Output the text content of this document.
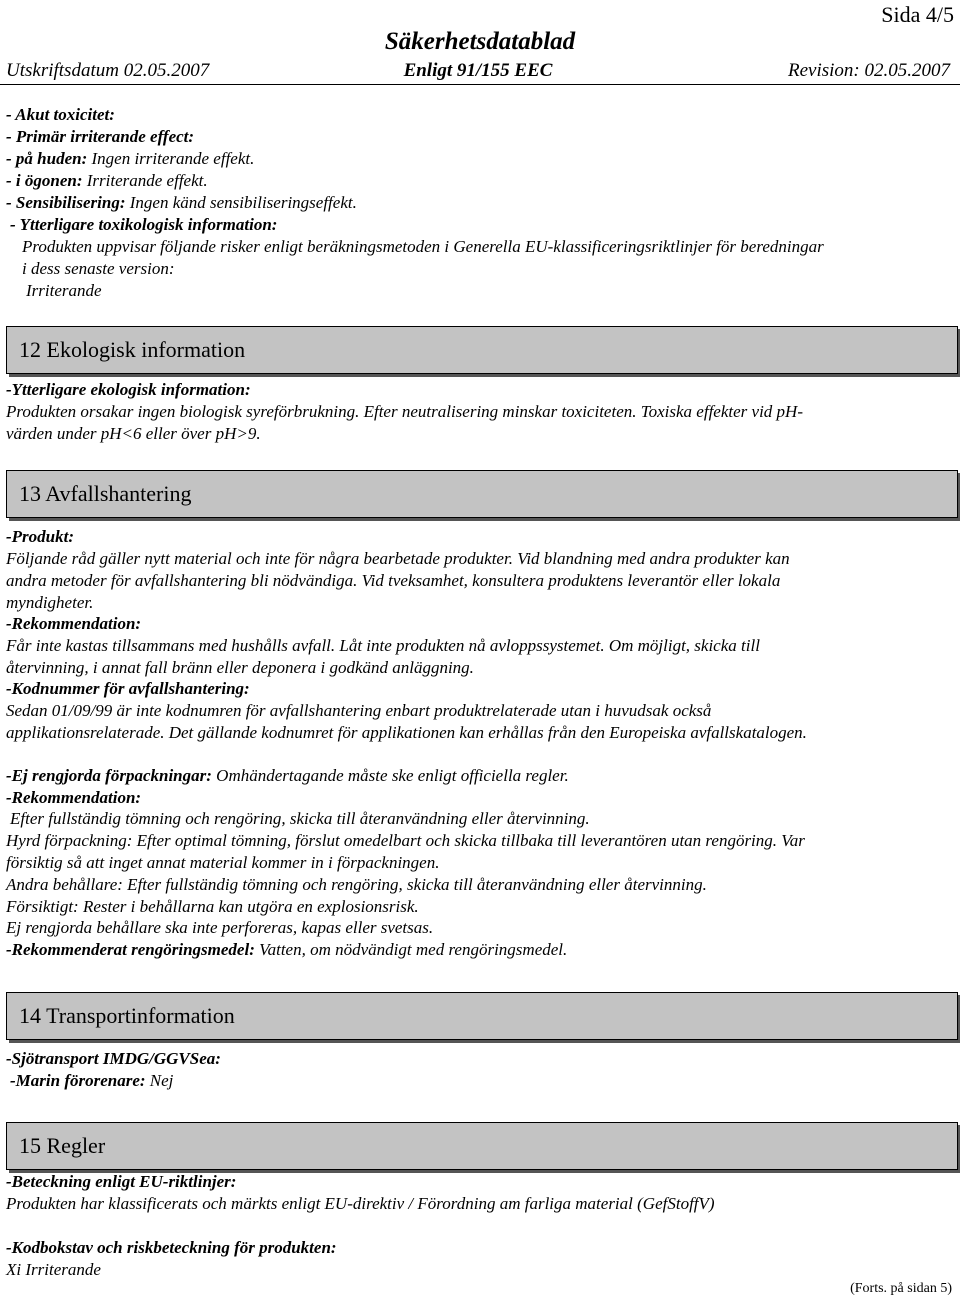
Sida 4/5
Säkerhetsdatablad
Utskriftsdatum 02.05.2007	Enligt 91/155 EEC	Revision: 02.05.2007
- Akut toxicitet:
- Primär irriterande effect:
- på huden: Ingen irriterande effekt.
- i ögonen: Irriterande effekt.
- Sensibilisering: Ingen känd sensibiliseringseffekt.
- Ytterligare toxikologisk information:
Produkten uppvisar följande risker enligt beräkningsmetoden i Generella EU-klassificeringsriktlinjer för beredningar
i dess senaste version:
Irriterande
12 Ekologisk information
-Ytterligare ekologisk information:
Produkten orsakar ingen biologisk syreförbrukning. Efter neutralisering minskar toxiciteten. Toxiska effekter vid pH-
värden under pH<6 eller över pH>9.
13 Avfallshantering
-Produkt:
Följande råd gäller nytt material och inte för några bearbetade produkter. Vid blandning med andra produkter kan
andra metoder för avfallshantering bli nödvändiga. Vid tveksamhet, konsultera produktens leverantör eller lokala
myndigheter.
-Rekommendation:
Får inte kastas tillsammans med hushålls avfall. Låt inte produkten nå avloppssystemet. Om möjligt, skicka till
återvinning, i annat fall bränn eller deponera i godkänd anläggning.
-Kodnummer för avfallshantering:
Sedan 01/09/99 är inte kodnumren för avfallshantering enbart produktrelaterade utan i huvudsak också
applikationsrelaterade. Det gällande kodnumret för applikationen kan erhållas från den Europeiska avfallskatalogen.
-Ej rengjorda förpackningar: Omhändertagande måste ske enligt officiella regler.
-Rekommendation:
Efter fullständig tömning och rengöring, skicka till återanvändning eller återvinning.
Hyrd förpackning: Efter optimal tömning, förslut omedelbart och skicka tillbaka till leverantören utan rengöring. Var
försiktig så att inget annat material kommer in i förpackningen.
Andra behållare: Efter fullständig tömning och rengöring, skicka till återanvändning eller återvinning.
Försiktigt: Rester i behållarna kan utgöra en explosionsrisk.
Ej rengjorda behållare ska inte perforeras, kapas eller svetsas.
-Rekommenderat rengöringsmedel: Vatten, om nödvändigt med rengöringsmedel.
14 Transportinformation
-Sjötransport IMDG/GGVSea:
-Marin förorenare: Nej
15 Regler
-Beteckning enligt EU-riktlinjer:
Produkten har klassificerats och märkts enligt EU-direktiv / Förordning am farliga material (GefStoffV)
-Kodbokstav och riskbeteckning för produkten:
Xi Irriterande
(Forts. på sidan 5)
